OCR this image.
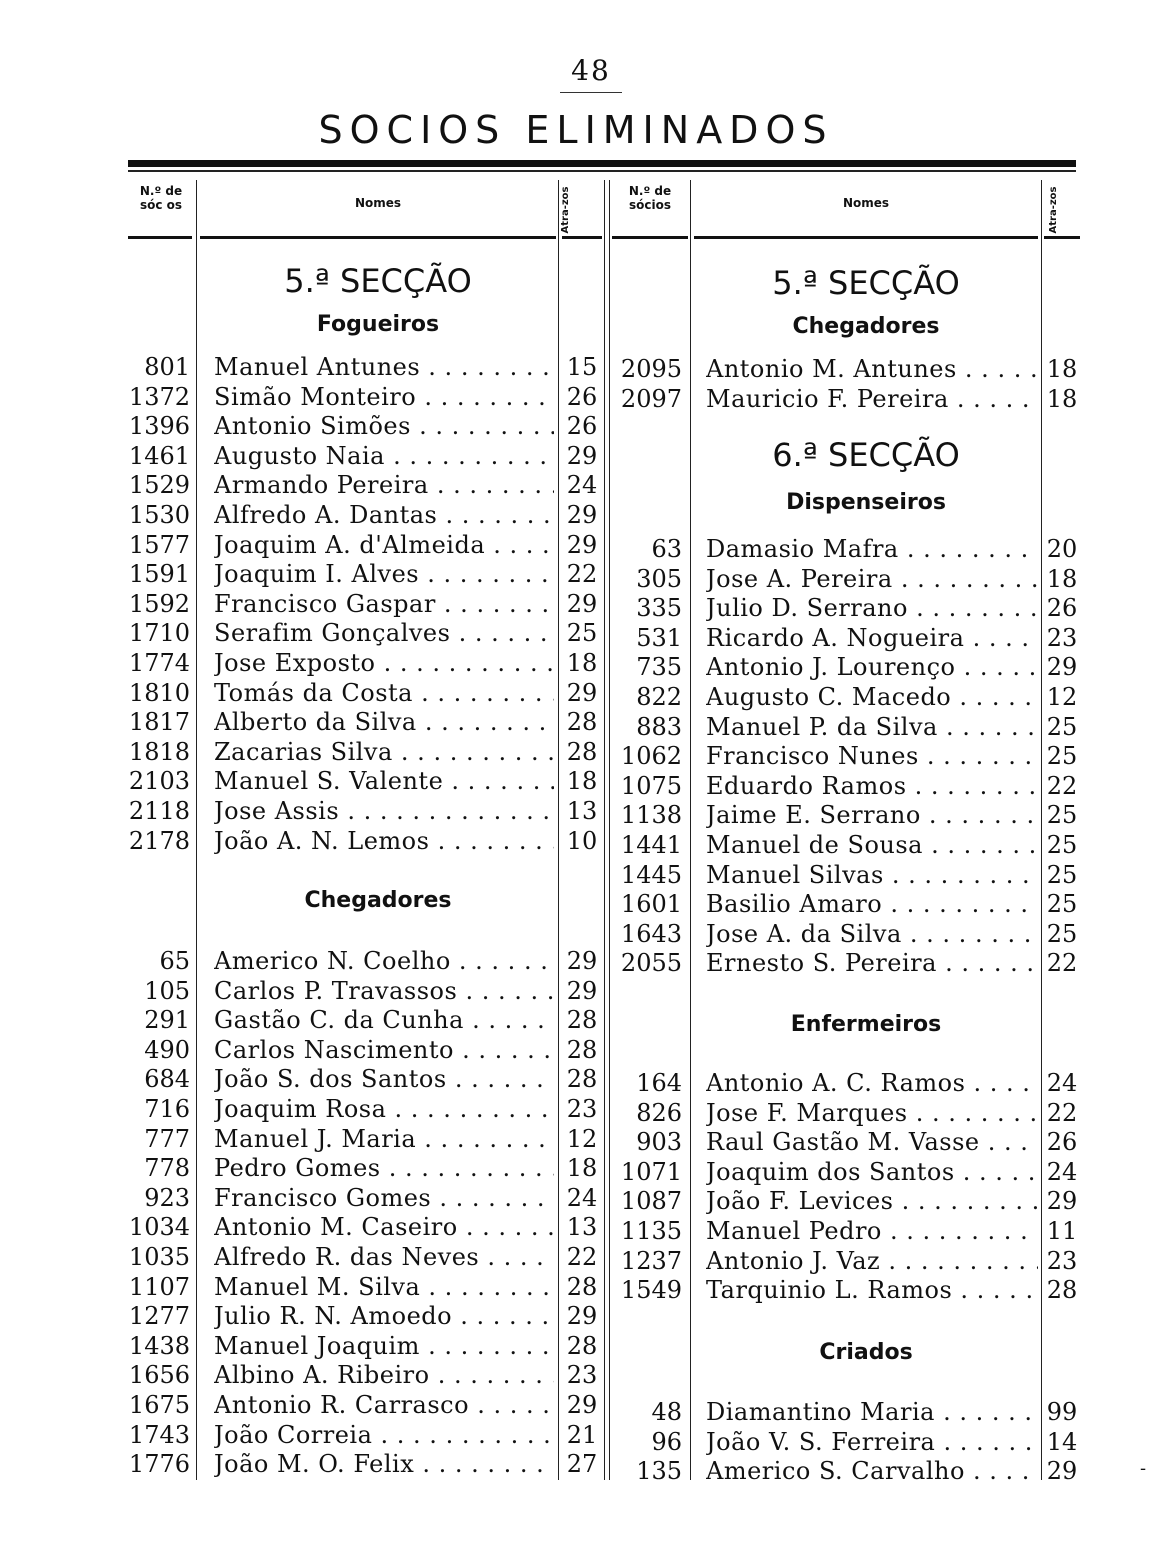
48
SOCIOS ELIMINADOS
N.º de sóc os	Nomes	Atra-zos	N.º de sócios	Nomes	Atra-zos
5.ª SECÇÃO
Fogueiros
Chegadores
5.ª SECÇÃO
Chegadores
6.ª SECÇÃO
Dispenseiros
Enfermeiros
Criados
801 Manuel Antunes . . .	15
1372 Simão Monteiro . . .	26
1396 Antonio Simões . . .	26
1461 Augusto Naia . . .	29
1529 Armando Pereira . . .	24
1530 Alfredo A. Dantas . . .	29
1577 Joaquim A. d'Almeida . . .	29
1591 Joaquim I. Alves . . .	22
1592 Francisco Gaspar . . .	29
1710 Serafim Gonçalves . . .	25
1774 Jose Exposto . . .	18
1810 Tomás da Costa . . .	29
1817 Alberto da Silva . . .	28
1818 Zacarias Silva . . .	28
2103 Manuel S. Valente . . .	18
2118 Jose Assis . . .	13
2178 João A. N. Lemos . . .	10
65 Americo N. Coelho . . .	29
105 Carlos P. Travassos . . .	29
291 Gastão C. da Cunha . . .	28
490 Carlos Nascimento . . .	28
684 João S. dos Santos . . .	28
716 Joaquim Rosa . . .	23
777 Manuel J. Maria . . .	12
778 Pedro Gomes . . .	18
923 Francisco Gomes . . .	24
1034 Antonio M. Caseiro . . .	13
1035 Alfredo R. das Neves . . .	22
1107 Manuel M. Silva . . .	28
1277 Julio R. N. Amoedo . . .	29
1438 Manuel Joaquim . . .	28
1656 Albino A. Ribeiro . . .	23
1675 Antonio R. Carrasco . . .	29
1743 João Correia . . .	21
1776 João M. O. Felix . . .	27
2095 Antonio M. Antunes . . .	18
2097 Mauricio F. Pereira . . .	18
63 Damasio Mafra . . .	20
305 Jose A. Pereira . . .	18
335 Julio D. Serrano . . .	26
531 Ricardo A. Nogueira . . .	23
735 Antonio J. Lourenço . . .	29
822 Augusto C. Macedo . . .	12
883 Manuel P. da Silva . . .	25
1062 Francisco Nunes . . .	25
1075 Eduardo Ramos . . .	22
1138 Jaime E. Serrano . . .	25
1441 Manuel de Sousa . . .	25
1445 Manuel Silvas . . .	25
1601 Basilio Amaro . . .	25
1643 Jose A. da Silva . . .	25
2055 Ernesto S. Pereira . . .	22
164 Antonio A. C. Ramos . . .	24
826 Jose F. Marques . . .	22
903 Raul Gastão M. Vasse . . .	26
1071 Joaquim dos Santos . . .	24
1087 João F. Levices . . .	29
1135 Manuel Pedro . . .	11
1237 Antonio J. Vaz . . .	23
1549 Tarquinio L. Ramos . . .	28
48 Diamantino Maria . . .	99
96 João V. S. Ferreira . . .	14
135 Americo S. Carvalho . . .	29	-
